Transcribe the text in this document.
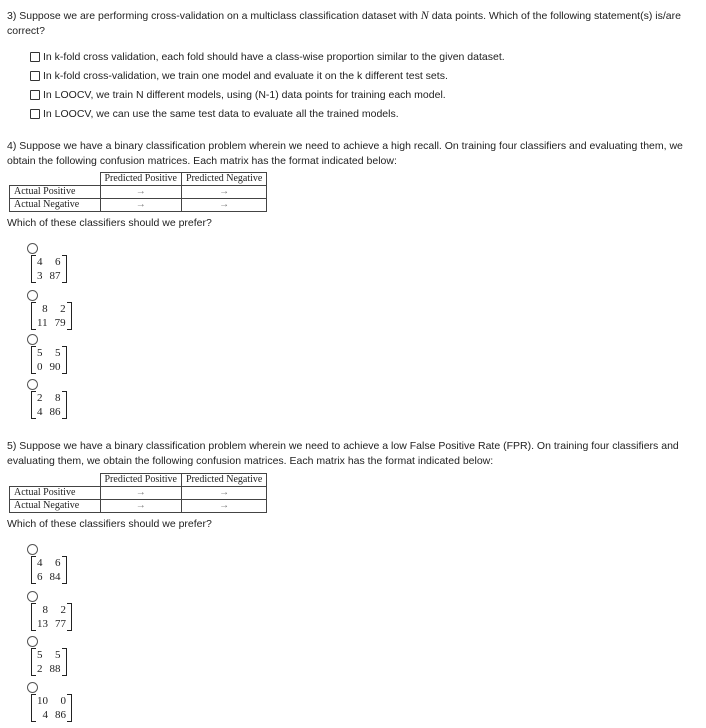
3) Suppose we are performing cross-validation on a multiclass classification dataset with N data points. Which of the following statement(s) is/are correct?

In k-fold cross validation, each fold should have a class-wise proportion similar to the given dataset.
In k-fold cross-validation, we train one model and evaluate it on the k different test sets.
In LOOCV, we train N different models, using (N-1) data points for training each model.
In LOOCV, we can use the same test data to evaluate all the trained models.

4) Suppose we have a binary classification problem wherein we need to achieve a high recall. On training four classifiers and evaluating them, we obtain the following confusion matrices. Each matrix has the format indicated below:

	Predicted Positive	Predicted Negative
Actual Positive	→	→
Actual Negative	→	→
Which of these classifiers should we prefer?
4	6
3 87
8	2
11 79
5	5
0 90
2	8
4 86

5) Suppose we have a binary classification problem wherein we need to achieve a low False Positive Rate (FPR). On training four classifiers and evaluating them, we obtain the following confusion matrices. Each matrix has the format indicated below:

	Predicted Positive	Predicted Negative
Actual Positive	→	→
Actual Negative	→	→
Which of these classifiers should we prefer?
4	6
6 84
8	2
13 77
5	5
2 88
10	0
4 86
